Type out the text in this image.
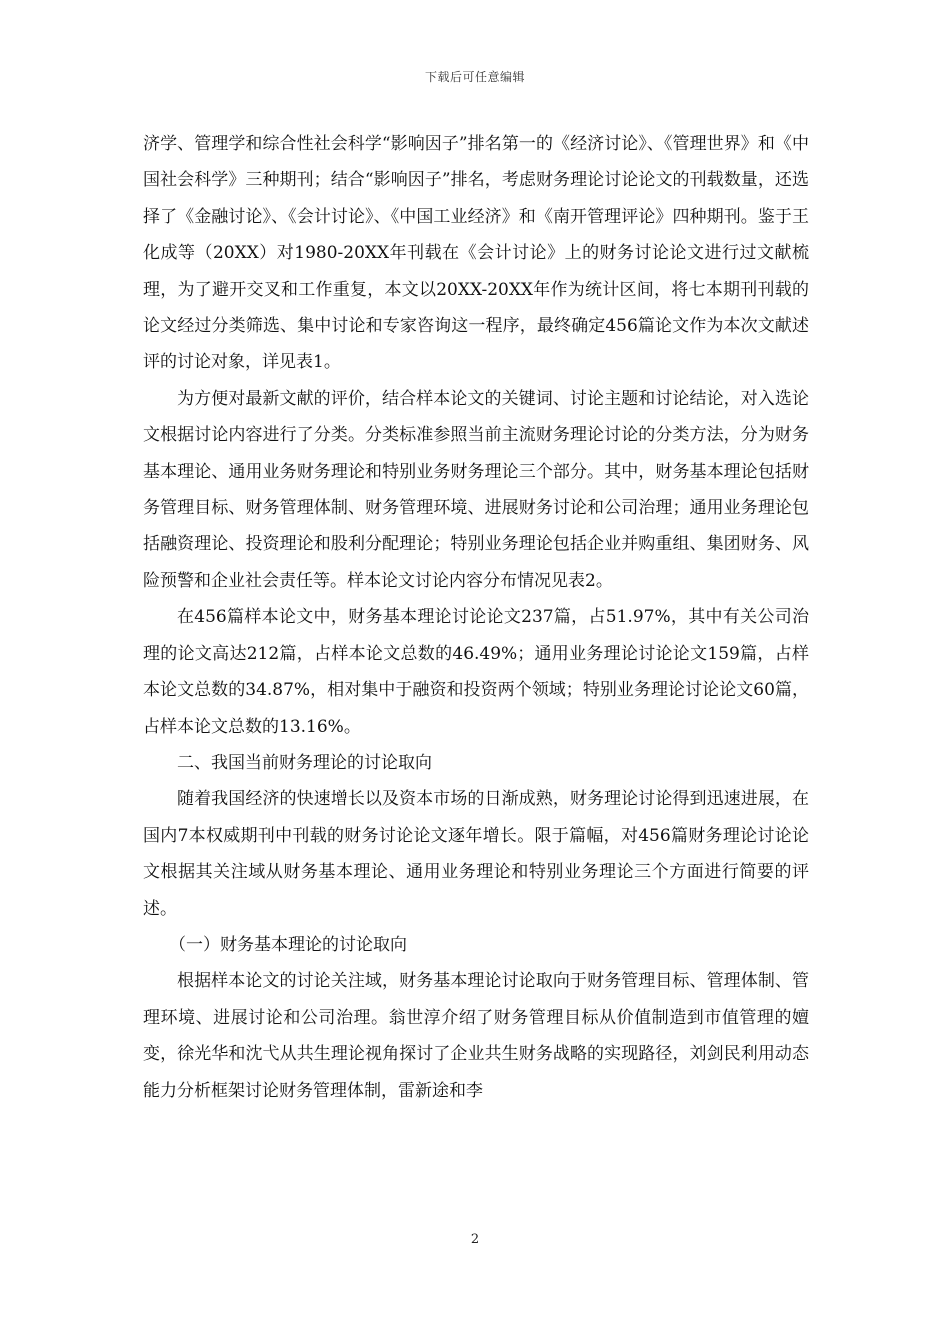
下载后可任意编辑

济学、管理学和综合性社会科学“影响因子”排名第一的《经济讨论》、《管理世界》和《中国社会科学》三种期刊；结合“影响因子”排名，考虑财务理论讨论论文的刊载数量，还选择了《金融讨论》、《会计讨论》、《中国工业经济》和《南开管理评论》四种期刊。鉴于王化成等（20XX）对1980-20XX年刊载在《会计讨论》上的财务讨论论文进行过文献梳理，为了避开交叉和工作重复，本文以20XX-20XX年作为统计区间，将七本期刊刊载的论文经过分类筛选、集中讨论和专家咨询这一程序，最终确定456篇论文作为本次文献述评的讨论对象，详见表1。

为方便对最新文献的评价，结合样本论文的关键词、讨论主题和讨论结论，对入选论文根据讨论内容进行了分类。分类标准参照当前主流财务理论讨论的分类方法，分为财务基本理论、通用业务财务理论和特别业务财务理论三个部分。其中，财务基本理论包括财务管理目标、财务管理体制、财务管理环境、进展财务讨论和公司治理；通用业务理论包括融资理论、投资理论和股利分配理论；特别业务理论包括企业并购重组、集团财务、风险预警和企业社会责任等。样本论文讨论内容分布情况见表2。

在456篇样本论文中，财务基本理论讨论论文237篇，占51.97%，其中有关公司治理的论文高达212篇，占样本论文总数的46.49%；通用业务理论讨论论文159篇，占样本论文总数的34.87%，相对集中于融资和投资两个领域；特别业务理论讨论论文60篇，占样本论文总数的13.16%。

二、我国当前财务理论的讨论取向

随着我国经济的快速增长以及资本市场的日渐成熟，财务理论讨论得到迅速进展，在国内7本权威期刊中刊载的财务讨论论文逐年增长。限于篇幅，对456篇财务理论讨论论文根据其关注域从财务基本理论、通用业务理论和特别业务理论三个方面进行简要的评述。

（一）财务基本理论的讨论取向

根据样本论文的讨论关注域，财务基本理论讨论取向于财务管理目标、管理体制、管理环境、进展讨论和公司治理。翁世淳介绍了财务管理目标从价值制造到市值管理的嬗变，徐光华和沈弋从共生理论视角探讨了企业共生财务战略的实现路径，刘剑民利用动态能力分析框架讨论财务管理体制，雷新途和李

2
